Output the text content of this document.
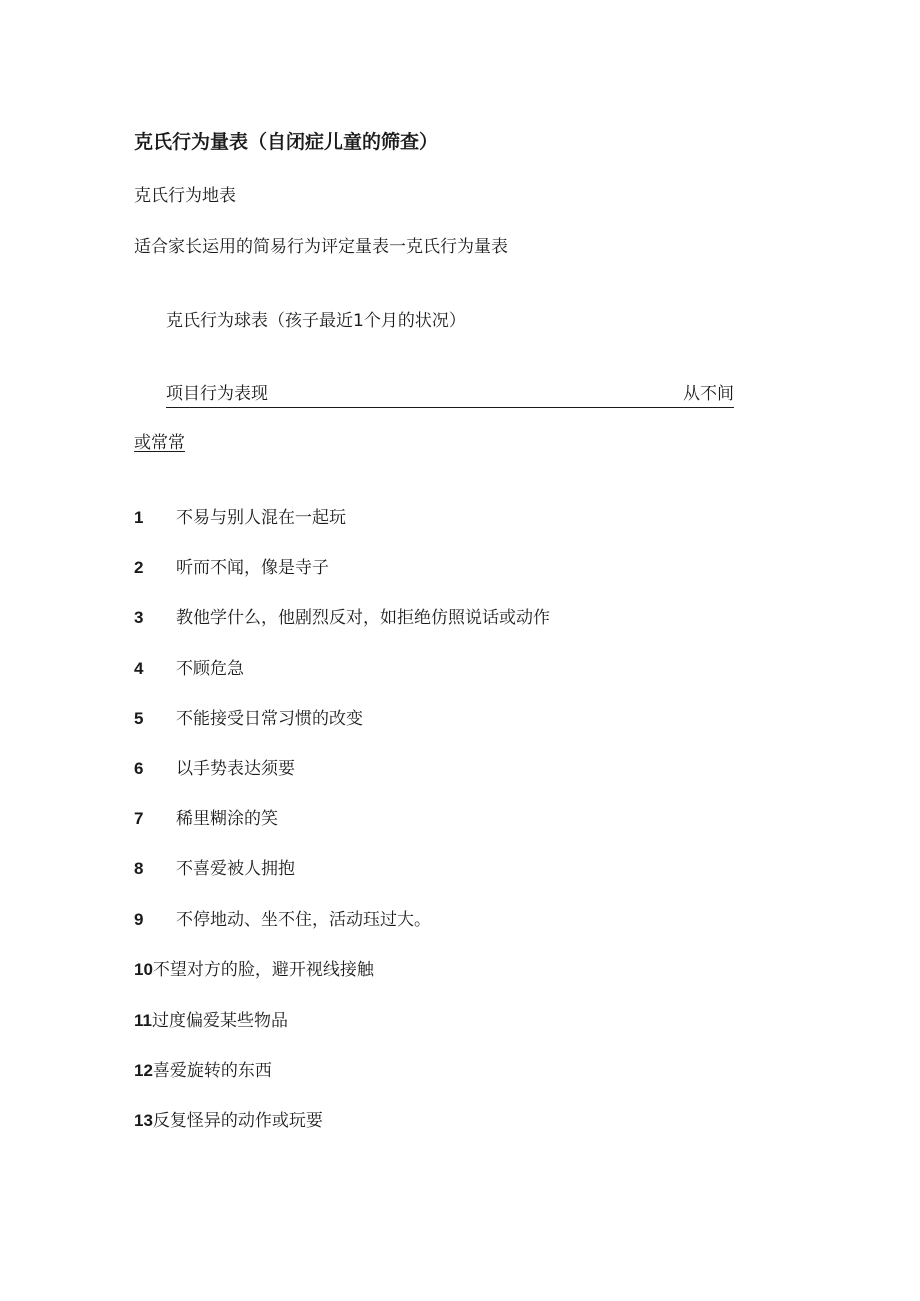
克氏行为量表（自闭症儿童的筛查）
克氏行为地表
适合家长运用的简易行为评定量表一克氏行为量表
克氏行为球表（孩子最近1个月的状况）
项目行为表现	从不间
或常常
1 不易与别人混在一起玩
2 听而不闻，像是寺子
3 教他学什么，他剧烈反对，如拒绝仿照说话或动作
4 不顾危急
5 不能接受日常习惯的改变
6 以手势表达须要
7 稀里糊涂的笑
8 不喜爱被人拥抱
9 不停地动、坐不住，活动珏过大。
10不望对方的脸，避开视线接触
11过度偏爱某些物品
12喜爱旋转的东西
13反复怪异的动作或玩要
